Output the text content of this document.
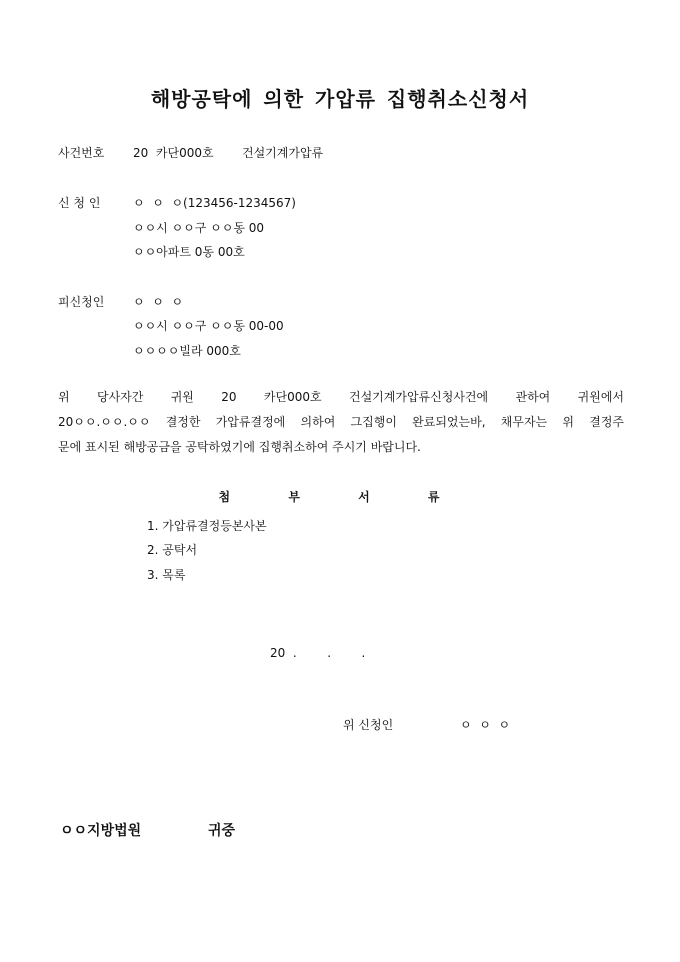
해방공탁에 의한 가압류 집행취소신청서
사건번호 20  카단000호 건설기계가압류
신 청 인	ㅇ  ㅇ  ㅇ(123456-1234567)
ㅇㅇ시 ㅇㅇ구 ㅇㅇ동 00
ㅇㅇ아파트 0동 00호
피신청인 ㅇ  ㅇ  ㅇ
ㅇㅇ시 ㅇㅇ구 ㅇㅇ동 00-00
ㅇㅇㅇㅇ빌라 000호
위 당사자간 귀원 20 카단000호 건설기계가압류신청사건에 관하여 귀원에서
20ㅇㅇ.ㅇㅇ.ㅇㅇ 결정한 가압류결정에 의하여 그집행이 완료되었는바, 채무자는 위 결정주
문에 표시된 해방공금을 공탁하였기에 집행취소하여 주시기 바랍니다.
첨 부 서 류
1. 가압류결정등본사본
2. 공탁서
3. 목록
20  .        .        .
위 신청인	ㅇ  ㅇ  ㅇ
ㅇㅇ지방법원	귀중
